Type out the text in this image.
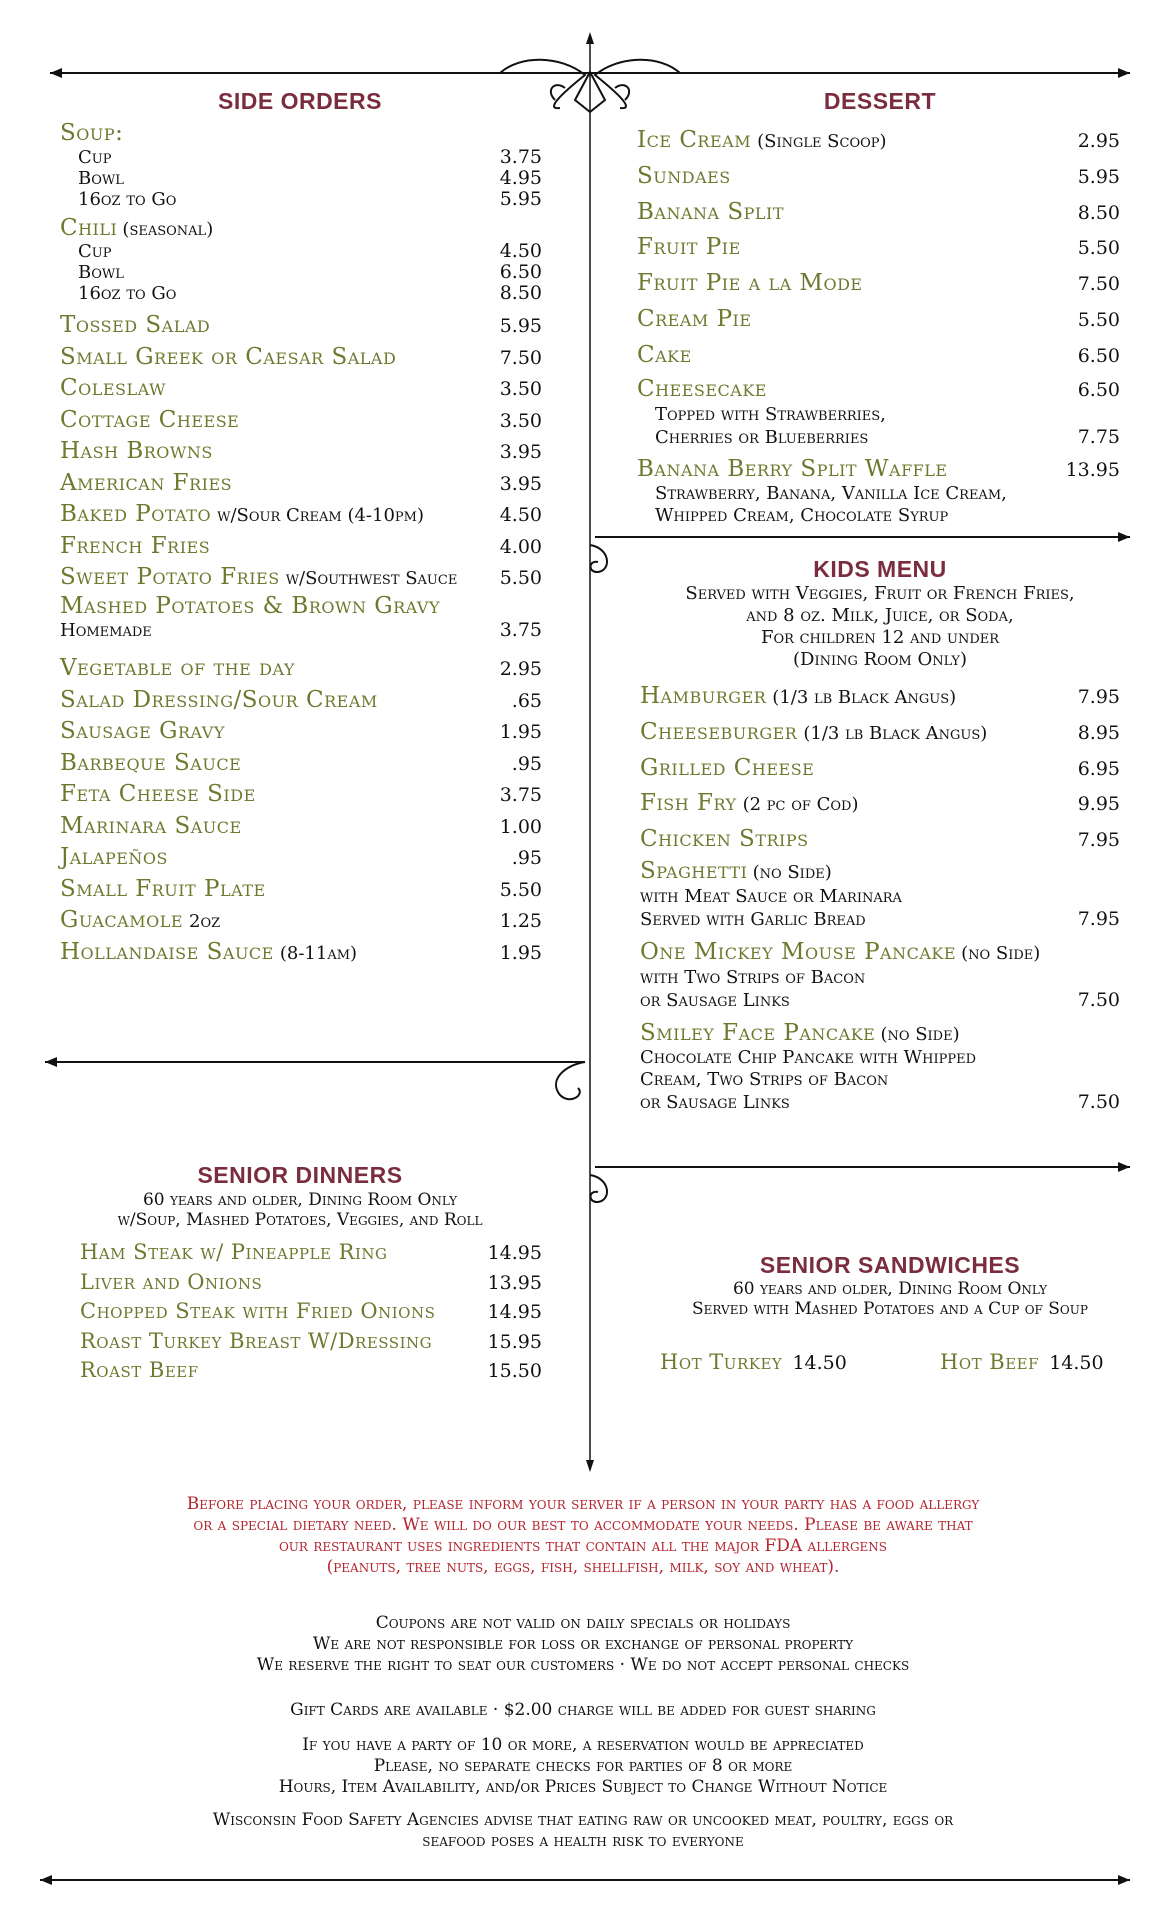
SIDE ORDERS
Soup:
Cup	3.75
Bowl	4.95
16oz to Go	5.95
Chili (seasonal)
Cup	4.50
Bowl	6.50
16oz to Go	8.50
Tossed Salad	5.95
Small Greek or Caesar Salad	7.50
Coleslaw	3.50
Cottage Cheese	3.50
Hash Browns	3.95
American Fries	3.95
Baked Potato w/Sour Cream (4-10pm)	4.50
French Fries	4.00
Sweet Potato Fries w/Southwest Sauce 5.50
Mashed Potatoes & Brown Gravy
Homemade	3.75
Vegetable of the day	2.95
Salad Dressing/Sour Cream	.65
Sausage Gravy	1.95
Barbeque Sauce	.95
Feta Cheese Side	3.75
Marinara Sauce	1.00
Jalapeños	.95
Small Fruit Plate	5.50
Guacamole 2oz	1.25
Hollandaise Sauce (8-11am)	1.95
DESSERT
Ice Cream (Single Scoop)	2.95
Sundaes	5.95
Banana Split	8.50
Fruit Pie	5.50
Fruit Pie a la Mode	7.50
Cream Pie	5.50
Cake	6.50
Cheesecake	6.50
Topped with Strawberries,
Cherries or Blueberries	7.75
Banana Berry Split Waffle	13.95
Strawberry, Banana, Vanilla Ice Cream,
Whipped Cream, Chocolate Syrup
KIDS MENU
Served with Veggies, Fruit or French Fries,
and 8 oz. Milk, Juice, or Soda,
For children 12 and under
(Dining Room Only)
Hamburger (1/3 lb Black Angus)	7.95
Cheeseburger (1/3 lb Black Angus)	8.95
Grilled Cheese	6.95
Fish Fry (2 pc of Cod)	9.95
Chicken Strips	7.95
Spaghetti (no Side)
with Meat Sauce or Marinara
Served with Garlic Bread	7.95
One Mickey Mouse Pancake (no Side)
with Two Strips of Bacon
or Sausage Links	7.50
Smiley Face Pancake (no Side)
Chocolate Chip Pancake with Whipped
Cream, Two Strips of Bacon
or Sausage Links	7.50
SENIOR DINNERS
60 years and older, Dining Room Only
w/Soup, Mashed Potatoes, Veggies, and Roll
Ham Steak w/ Pineapple Ring	14.95
Liver and Onions	13.95
Chopped Steak with Fried Onions	14.95
Roast Turkey Breast W/Dressing	15.95
Roast Beef	15.50
SENIOR SANDWICHES
60 years and older, Dining Room Only
Served with Mashed Potatoes and a Cup of Soup
Hot Turkey 14.50	Hot Beef 14.50
Before placing your order, please inform your server if a person in your party has a food allergy
or a special dietary need. We will do our best to accommodate your needs. Please be aware that
our restaurant uses ingredients that contain all the major FDA allergens
(peanuts, tree nuts, eggs, fish, shellfish, milk, soy and wheat).
Coupons are not valid on daily specials or holidays
We are not responsible for loss or exchange of personal property
We reserve the right to seat our customers · We do not accept personal checks
Gift Cards are available · $2.00 charge will be added for guest sharing
If you have a party of 10 or more, a reservation would be appreciated
Please, no separate checks for parties of 8 or more
Hours, Item Availability, and/or Prices Subject to Change Without Notice
Wisconsin Food Safety Agencies advise that eating raw or uncooked meat, poultry, eggs or
seafood poses a health risk to everyone
